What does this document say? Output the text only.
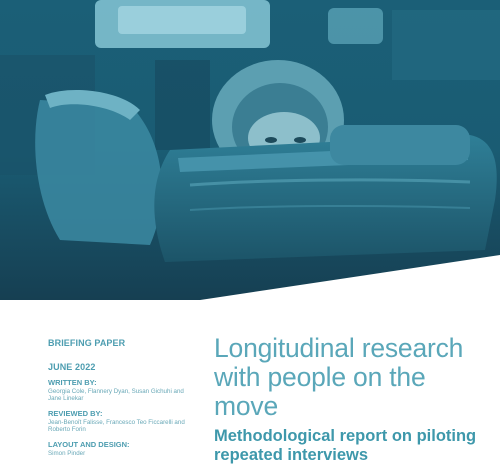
BRIEFING PAPER

JUNE 2022

WRITTEN BY:

Georgia Cole, Flannery Dyan, Susan Gichuhi and Jane Linekar

REVIEWED BY:

Jean-Benoît Falisse, Francesco Teo Ficcarelli and Roberto Forin

LAYOUT AND DESIGN:

Simon Pinder

Longitudinal research with people on the move
Methodological report on piloting repeated interviews
